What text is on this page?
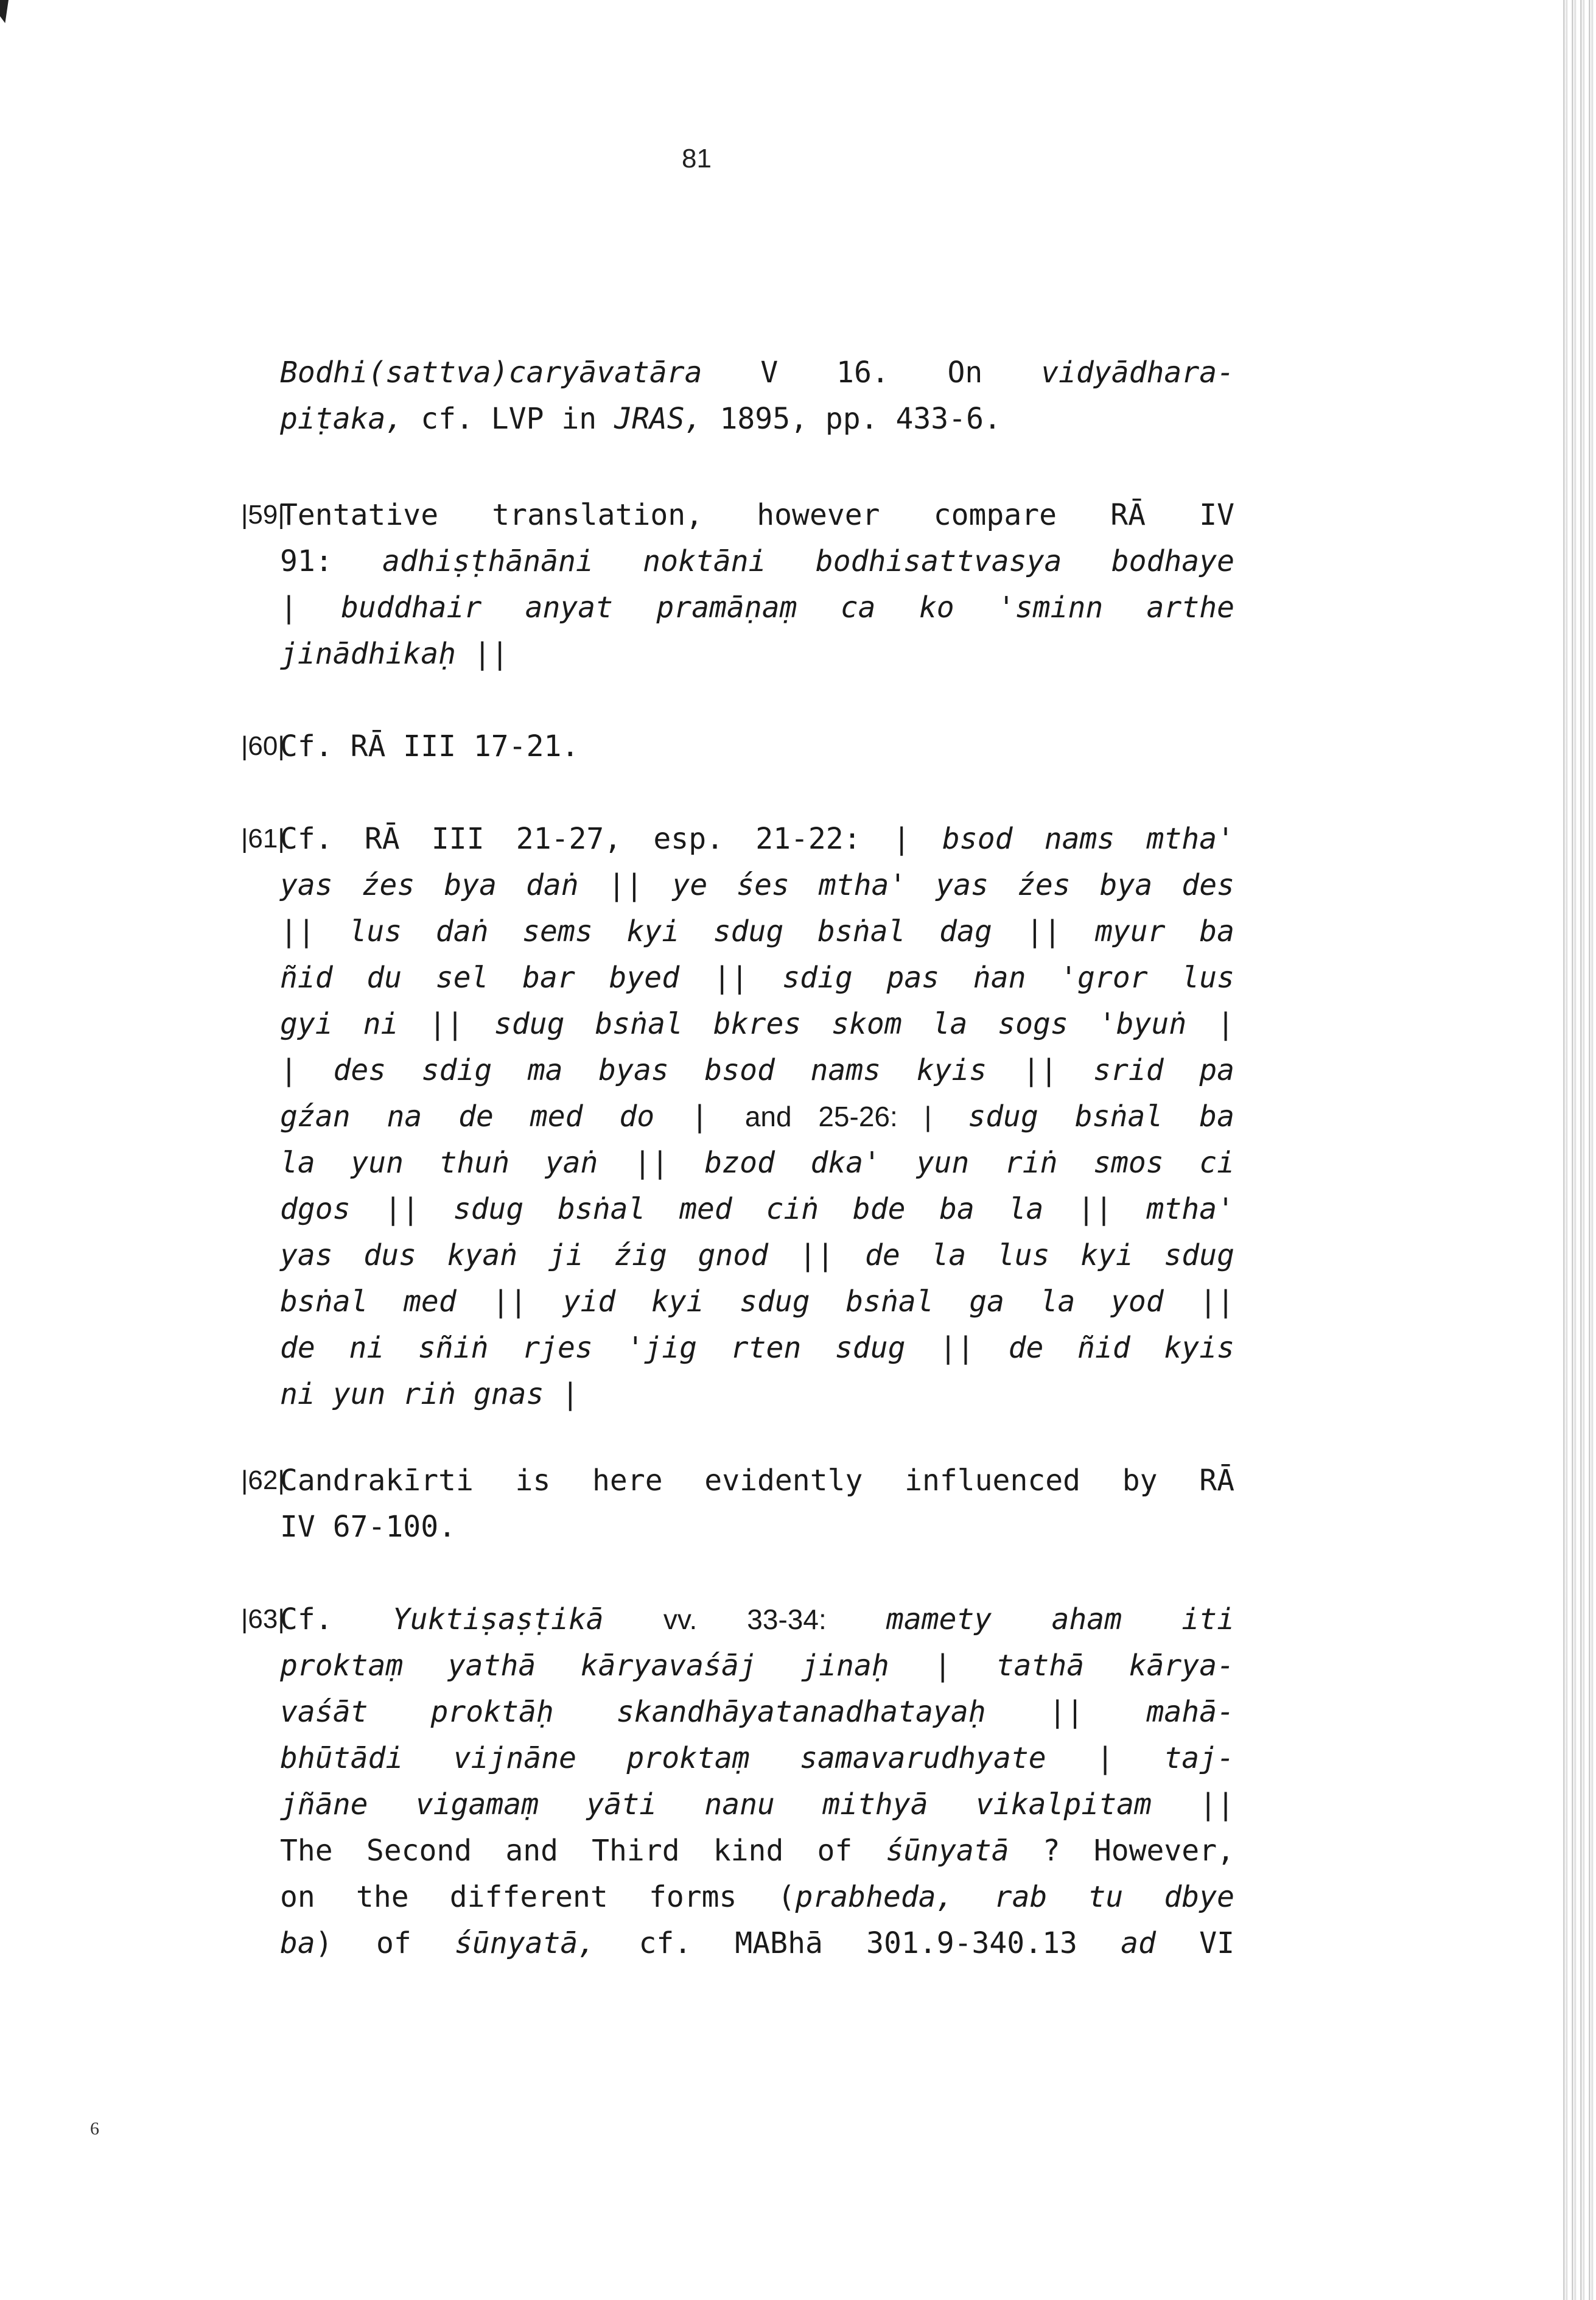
81
Bodhi(sattva)caryāvatāra V 16. On vidyādhara-
piṭaka, cf. LVP in JRAS, 1895, pp. 433-6.
|59|
Tentative translation, however compare RĀ IV
91: adhiṣṭhānāni noktāni bodhisattvasya bodhaye
| buddhair anyat pramāṇaṃ ca ko 'sminn arthe
jinādhikaḥ ||
|60|
Cf. RĀ III 17-21.
|61|
Cf. RĀ III 21-27, esp. 21-22: | bsod nams mtha'
yas źes bya daṅ || ye śes mtha' yas źes bya des
|| lus daṅ sems kyi sdug bsṅal dag || myur ba
ñid du sel bar byed || sdig pas ṅan 'gror lus
gyi ni || sdug bsṅal bkres skom la sogs 'byuṅ |
| des sdig ma byas bsod nams kyis || srid pa
gźan na de med do | and 25-26: | sdug bsṅal ba
la yun thuṅ yaṅ || bzod dka' yun riṅ smos ci
dgos || sdug bsṅal med ciṅ bde ba la || mtha'
yas dus kyaṅ ji źig gnod || de la lus kyi sdug
bsṅal med || yid kyi sdug bsṅal ga la yod ||
de ni sñiṅ rjes 'jig rten sdug || de ñid kyis
ni yun riṅ gnas |
|62|
Candrakīrti is here evidently influenced by RĀ
IV 67-100.
|63|
Cf. Yuktiṣaṣṭikā vv. 33-34: mamety aham iti
proktaṃ yathā kāryavaśāj jinaḥ | tathā kārya-
vaśāt proktāḥ skandhāyatanadhatayaḥ || mahā-
bhūtādi vijnāne proktaṃ samavarudhyate | taj-
jñāne vigamaṃ yāti nanu mithyā vikalpitam ||
The Second and Third kind of śūnyatā ? However,
on the different forms (prabheda, rab tu dbye
ba) of śūnyatā, cf. MABhā 301.9-340.13 ad VI
6
